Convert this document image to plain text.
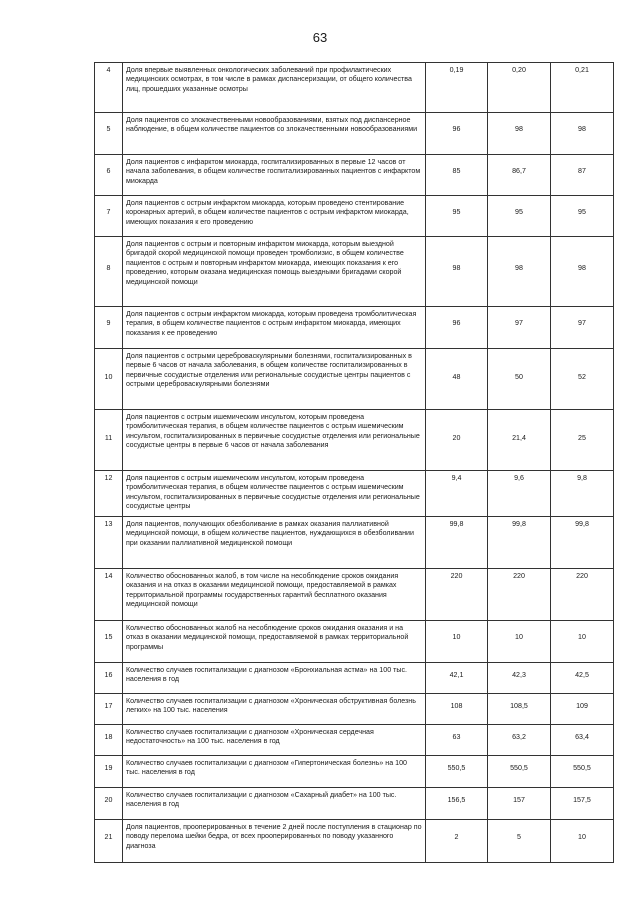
63
4	Доля впервые выявленных онкологических заболеваний при профилактических медицинских осмотрах, в том числе в рамках диспансеризации, от общего количества лиц, прошедших указанные осмотры	0,19	0,20	0,21
5	Доля пациентов со злокачественными новообразованиями, взятых под диспансерное наблюдение, в общем количестве пациентов со злокачественными новообразованиями	96	98	98
6	Доля пациентов с инфарктом миокарда, госпитализированных в первые 12 часов от начала заболевания, в общем количестве госпитализированных пациентов с инфарктом миокарда	85	86,7	87
7	Доля пациентов с острым инфарктом миокарда, которым проведено стентирование коронарных артерий, в общем количестве пациентов с острым инфарктом миокарда, имеющих показания к его проведению	95	95	95
8	Доля пациентов с острым и повторным инфарктом миокарда, которым выездной бригадой скорой медицинской помощи проведен тромболизис, в общем количестве пациентов с острым и повторным инфарктом миокарда, имеющих показания к его проведению, которым оказана медицинская помощь выездными бригадами скорой медицинской помощи	98	98	98
9	Доля пациентов с острым инфарктом миокарда, которым проведена тромболитическая терапия, в общем количестве пациентов с острым инфарктом миокарда, имеющих показания к ее проведению	96	97	97
10	Доля пациентов с острыми цереброваскулярными болезнями, госпитализированных в первые 6 часов от начала заболевания, в общем количестве госпитализированных в первичные сосудистые отделения или региональные сосудистые центры пациентов с острыми цереброваскулярными болезнями	48	50	52
11	Доля пациентов с острым ишемическим инсультом, которым проведена тромболитическая терапия, в общем количестве пациентов с острым ишемическим инсультом, госпитализированных в первичные сосудистые отделения или региональные сосудистые центры в первые 6 часов от начала заболевания	20	21,4	25
12	Доля пациентов с острым ишемическим инсультом, которым проведена тромболитическая терапия, в общем количестве пациентов с острым ишемическим инсультом, госпитализированных в первичные сосудистые отделения или региональные сосудистые центры	9,4	9,6	9,8
13	Доля пациентов, получающих обезболивание в рамках оказания паллиативной медицинской помощи, в общем количестве пациентов, нуждающихся в обезболивании при оказании паллиативной медицинской помощи	99,8	99,8	99,8
14	Количество обоснованных жалоб, в том числе на несоблюдение сроков ожидания оказания и на отказ в оказании медицинской помощи, предоставляемой в рамках территориальной программы государственных гарантий бесплатного оказания медицинской помощи	220	220	220
15	Количество обоснованных жалоб на несоблюдение сроков ожидания оказания и на отказ в оказании медицинской помощи, предоставляемой в рамках территориальной программы	10	10	10
16	Количество случаев госпитализации с диагнозом «Бронхиальная астма» на 100 тыс. населения в год	42,1	42,3	42,5
17	Количество случаев госпитализации с диагнозом «Хроническая обструктивная болезнь легких» на 100 тыс. населения	108	108,5	109
18	Количество случаев госпитализации с диагнозом «Хроническая сердечная недостаточность» на 100 тыс. населения в год	63	63,2	63,4
19	Количество случаев госпитализации с диагнозом «Гипертоническая болезнь» на 100 тыс. населения в год	550,5	550,5	550,5
20	Количество случаев госпитализации с диагнозом «Сахарный диабет» на 100 тыс. населения в год	156,5	157	157,5
21	Доля пациентов, прооперированных в течение 2 дней после поступления в стационар по поводу перелома шейки бедра, от всех прооперированных по поводу указанного диагноза	2	5	10
